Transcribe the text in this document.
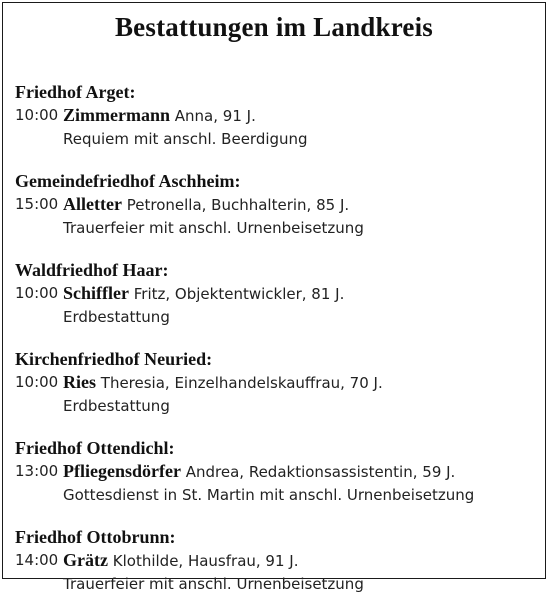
Bestattungen im Landkreis
Friedhof Arget:
10:00 Zimmermann Anna, 91 J.
Requiem mit anschl. Beerdigung
Gemeindefriedhof Aschheim:
15:00 Alletter Petronella, Buchhalterin, 85 J.
Trauerfeier mit anschl. Urnenbeisetzung
Waldfriedhof Haar:
10:00 Schiffler Fritz, Objektentwickler, 81 J.
Erdbestattung
Kirchenfriedhof Neuried:
10:00 Ries Theresia, Einzelhandelskauffrau, 70 J.
Erdbestattung
Friedhof Ottendichl:
13:00 Pfliegensdörfer Andrea, Redaktionsassistentin, 59 J.
Gottesdienst in St. Martin mit anschl. Urnenbeisetzung
Friedhof Ottobrunn:
14:00 Grätz Klothilde, Hausfrau, 91 J.
Trauerfeier mit anschl. Urnenbeisetzung
